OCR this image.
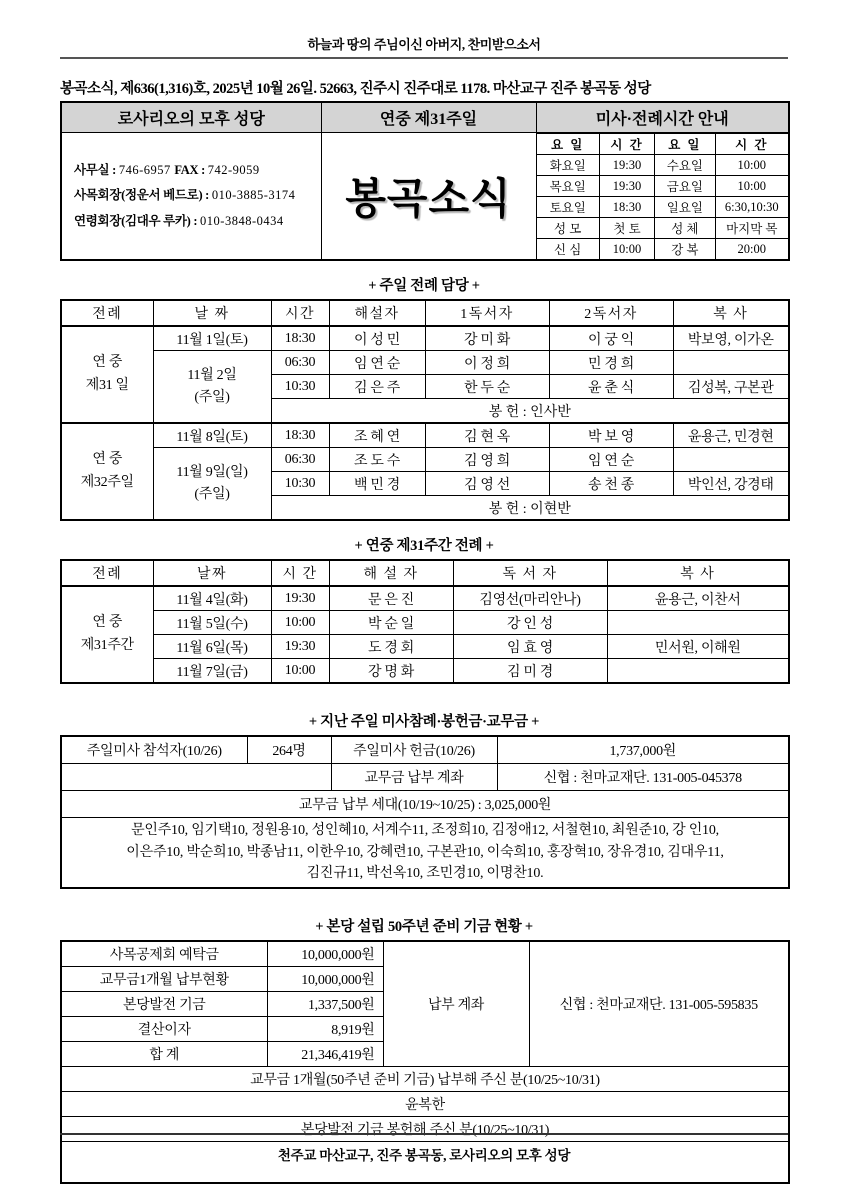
하늘과 땅의 주님이신 아버지, 찬미받으소서
봉곡소식, 제636(1,316)호, 2025년 10월 26일. 52663, 진주시 진주대로 1178. 마산교구 진주 봉곡동 성당
로사리오의 모후 성당	연중 제31주일	미사·전례시간 안내

사무실 : 746-6957 FAX : 742-9059
사목회장(정운서 베드로) : 010-3885-3174
연령회장(김대우 루카) : 010-3848-0434	봉곡소식

요 일	시 간	요 일	시 간
화요일	19:30	수요일	10:00
목요일	19:30	금요일	10:00
토요일	18:30	일요일	6:30,10:30
성 모	첫 토	성 체	마지막 목
신 심	10:00	강 복	20:00
+ 주일 전례 담당 +
전례	날 짜	시간	해설자	1독서자	2독서자	복 사
연 중
제31 일	11월 1일(토)	18:30	이 성 민	강 미 화	이 궁 익	박보영, 이가온
	11월 2일
(주일)	06:30	임 연 순	이 정 희	민 경 희	
		10:30	김 은 주	한 두 순	윤 춘 식	김성복, 구본관
		봉 헌 : 인사반				
연 중
제32주일	11월 8일(토)	18:30	조 혜 연	김 현 옥	박 보 영	윤용근, 민경현
	11월 9일(일)
(주일)	06:30	조 도 수	김 영 희	임 연 순	
		10:30	백 민 경	김 영 선	송 천 종	박인선, 강경태
		봉 헌 : 이현반				
+ 연중 제31주간 전례 +
전례	날짜	시 간	해 설 자	독 서 자	복 사
연 중
제31주간	11월 4일(화)	19:30	문 은 진	김영선(마리안나)	윤용근, 이찬서
	11월 5일(수)	10:00	박 순 일	강 인 성	
	11월 6일(목)	19:30	도 경 회	임 효 영	민서원, 이해원
	11월 7일(금)	10:00	강 명 화	김 미 경	
+ 지난 주일 미사참례·봉헌금·교무금 +
주일미사 참석자(10/26)	264명	주일미사 헌금(10/26)	1,737,000원
		교무금 납부 계좌	신협 : 천마교재단. 131-005-045378
교무금 납부 세대(10/19~10/25) : 3,025,000원			

문인주10, 임기택10, 정원용10, 성인혜10, 서계수11, 조정희10, 김정애12, 서철현10, 최원준10, 강 인10,
이은주10, 박순희10, 박종남11, 이한우10, 강혜련10, 구본관10, 이숙희10, 홍장혁10, 장유경10, 김대우11,
김진규11, 박선옥10, 조민경10, 이명찬10.			
+ 본당 설립 50주년 준비 기금 현황 +
사목공제회 예탁금	10,000,000원	납부 계좌	신협 : 천마교재단. 131-005-595835
교무금1개월 납부현황	10,000,000원		
본당발전 기금	1,337,500원		
결산이자	8,919원		
합 계	21,346,419원		
교무금 1개월(50주년 준비 기금) 납부해 주신 분(10/25~10/31)			
윤복한			
본당발전 기금 봉헌해 주신 분(10/25~10/31)			

천주교 마산교구, 진주 봉곡동, 로사리오의 모후 성당
